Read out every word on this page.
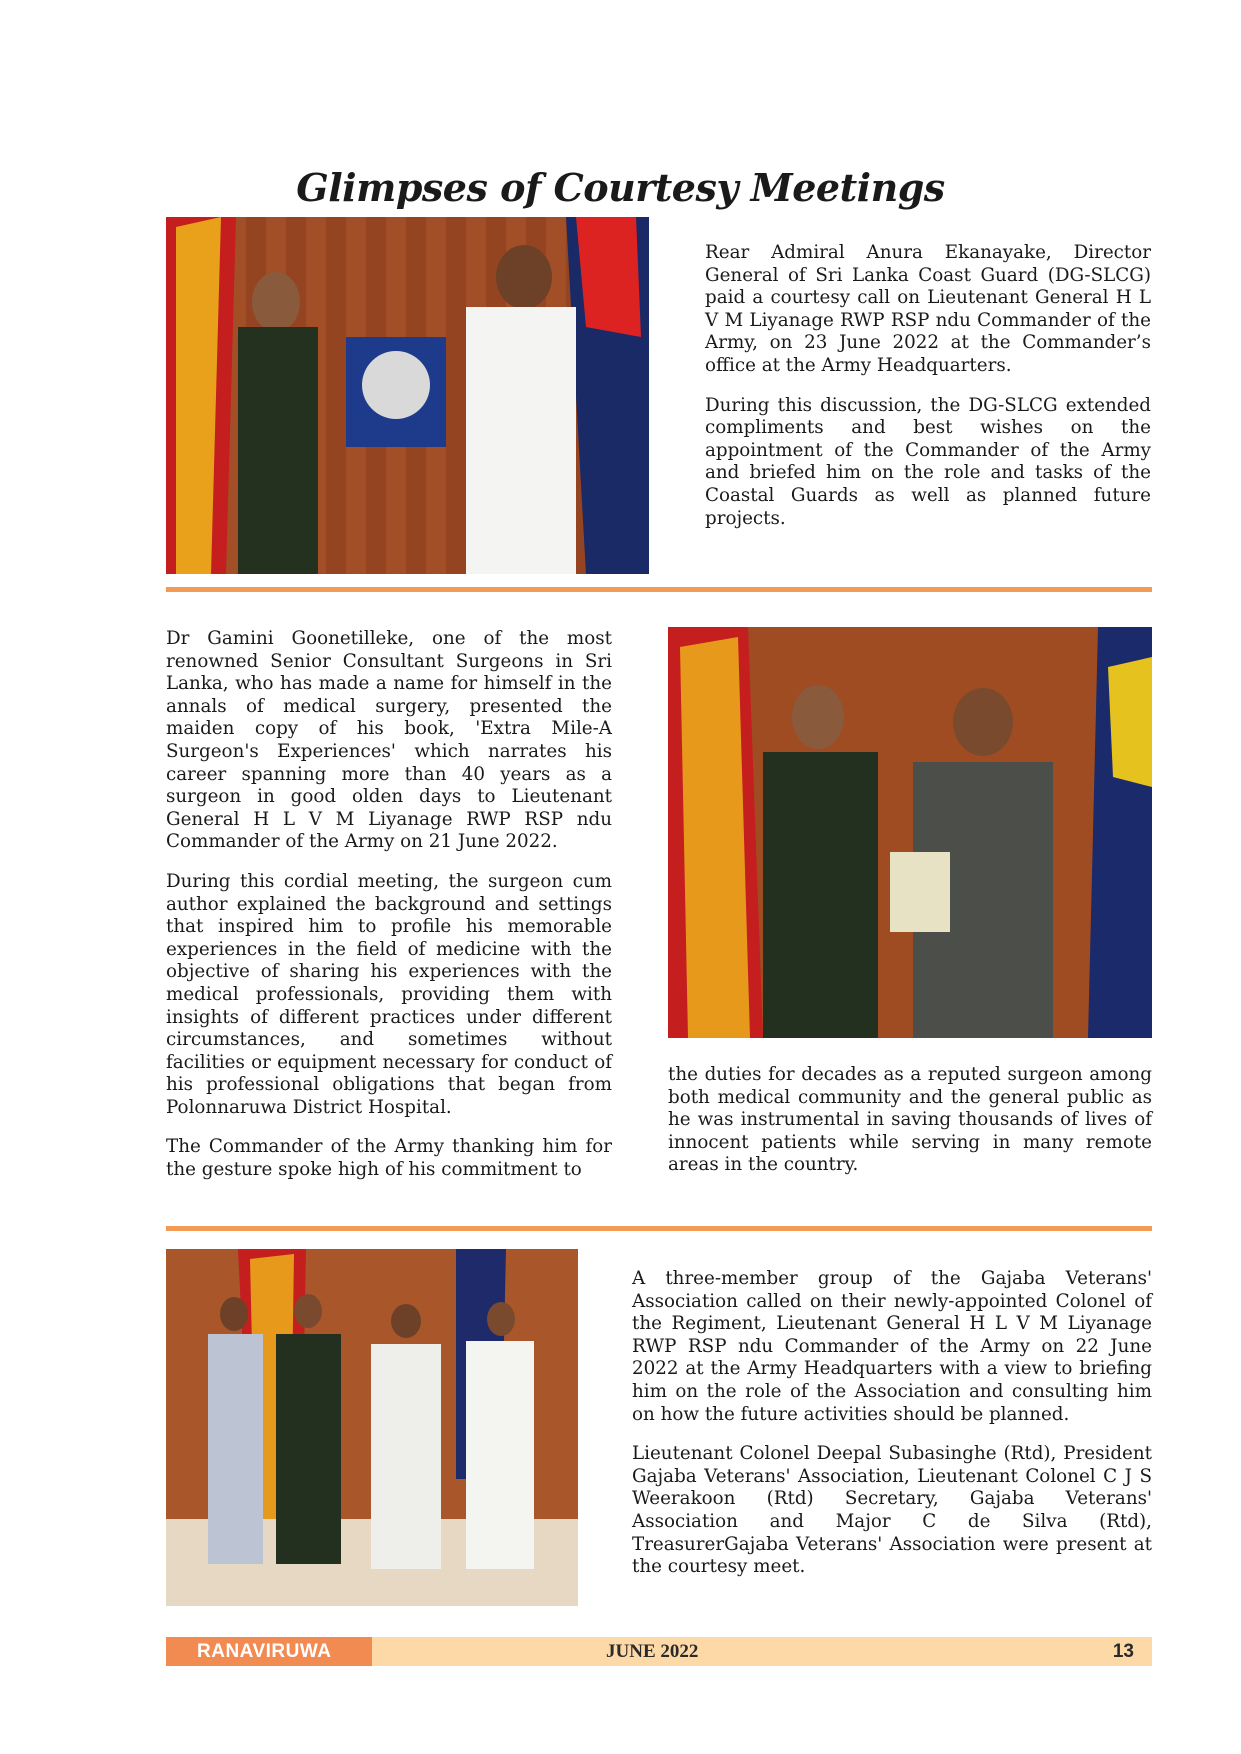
Glimpses of Courtesy Meetings

Rear Admiral Anura Ekanayake, Director General of Sri Lanka Coast Guard (DG-SLCG) paid a courtesy call on Lieutenant General H L V M Liyanage RWP RSP ndu Commander of the Army, on 23 June 2022 at the Commander’s office at the Army Headquarters.

During this discussion, the DG-SLCG extended compliments and best wishes on the appointment of the Commander of the Army and briefed him on the role and tasks of the Coastal Guards as well as planned future projects.

Dr Gamini Goonetilleke, one of the most renowned Senior Consultant Surgeons in Sri Lanka, who has made a name for himself in the annals of medical surgery, presented the maiden copy of his book, 'Extra Mile-A Surgeon's Experiences' which narrates his career spanning more than 40 years as a surgeon in good olden days to Lieutenant General H L V M Liyanage RWP RSP ndu Commander of the Army on 21 June 2022.

During this cordial meeting, the surgeon cum author explained the background and settings that inspired him to profile his memorable experiences in the field of medicine with the objective of sharing his experiences with the medical professionals, providing them with insights of different practices under different circumstances, and sometimes without facilities or equipment necessary for conduct of his professional obligations that began from Polonnaruwa District Hospital.

The Commander of the Army thanking him for the gesture spoke high of his commitment to

the duties for decades as a reputed surgeon among both medical community and the general public as he was instrumental in saving thousands of lives of innocent patients while serving in many remote areas in the country.

A three-member group of the Gajaba Veterans' Association called on their newly-appointed Colonel of the Regiment, Lieutenant General H L V M Liyanage RWP RSP ndu Commander of the Army on 22 June 2022 at the Army Headquarters with a view to briefing him on the role of the Association and consulting him on how the future activities should be planned.

Lieutenant Colonel Deepal Subasinghe (Rtd), President Gajaba Veterans' Association, Lieutenant Colonel C J S Weerakoon (Rtd) Secretary, Gajaba Veterans' Association and Major C de Silva (Rtd), TreasurerGajaba Veterans' Association were present at the courtesy meet.

RANAVIRUWA	JUNE 2022	13
